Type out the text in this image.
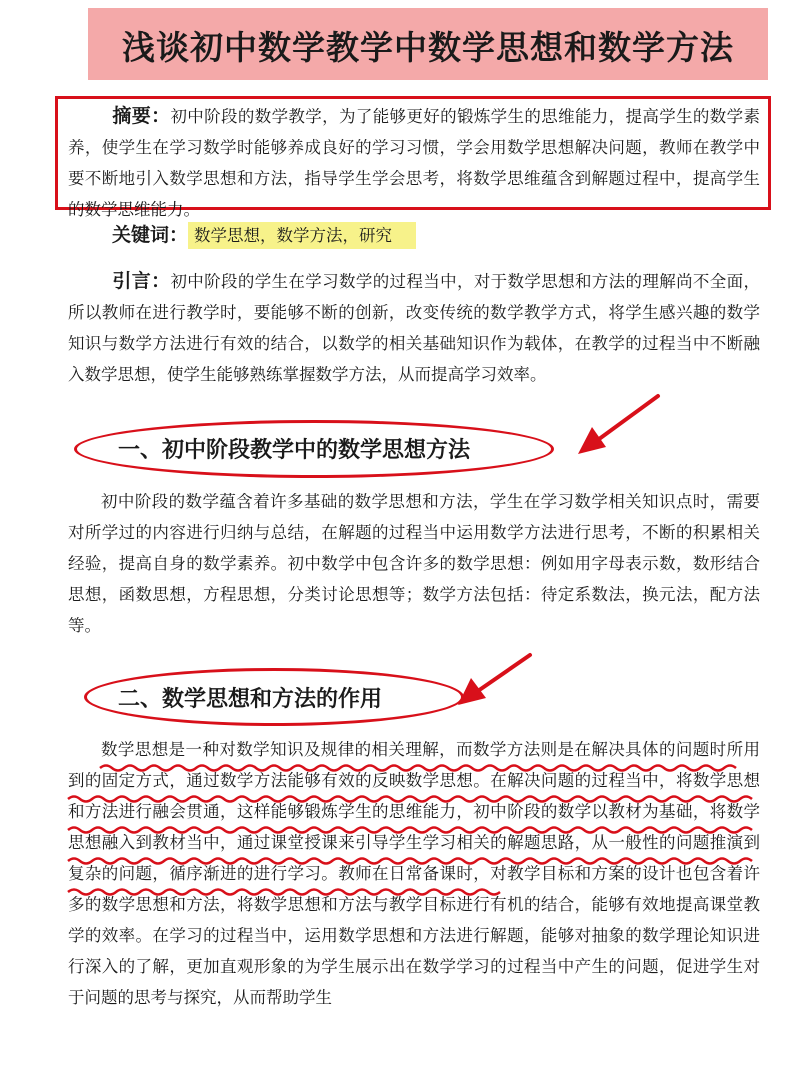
浅谈初中数学教学中数学思想和数学方法
摘要：初中阶段的数学教学，为了能够更好的锻炼学生的思维能力，提高学生的数学素养，使学生在学习数学时能够养成良好的学习习惯，学会用数学思想解决问题，教师在教学中要不断地引入数学思想和方法，指导学生学会思考，将数学思维蕴含到解题过程中，提高学生的数学思维能力。
关键词： 数学思想，数学方法，研究
引言：初中阶段的学生在学习数学的过程当中，对于数学思想和方法的理解尚不全面，所以教师在进行教学时，要能够不断的创新，改变传统的数学教学方式，将学生感兴趣的数学知识与数学方法进行有效的结合，以数学的相关基础知识作为载体，在教学的过程当中不断融入数学思想，使学生能够熟练掌握数学方法，从而提高学习效率。
一、初中阶段教学中的数学思想方法
初中阶段的数学蕴含着许多基础的数学思想和方法，学生在学习数学相关知识点时，需要对所学过的内容进行归纳与总结，在解题的过程当中运用数学方法进行思考，不断的积累相关经验，提高自身的数学素养。初中数学中包含许多的数学思想：例如用字母表示数，数形结合思想，函数思想，方程思想，分类讨论思想等；数学方法包括：待定系数法，换元法，配方法等。
二、数学思想和方法的作用
数学思想是一种对数学知识及规律的相关理解，而数学方法则是在解决具体的问题时所用到的固定方式，通过数学方法能够有效的反映数学思想。在解决问题的过程当中，将数学思想和方法进行融会贯通，这样能够锻炼学生的思维能力，初中阶段的数学以教材为基础，将数学思想融入到教材当中，通过课堂授课来引导学生学习相关的解题思路，从一般性的问题推演到复杂的问题，循序渐进的进行学习。教师在日常备课时，对教学目标和方案的设计也包含着许多的数学思想和方法，将数学思想和方法与教学目标进行有机的结合，能够有效地提高课堂教学的效率。在学习的过程当中，运用数学思想和方法进行解题，能够对抽象的数学理论知识进行深入的了解，更加直观形象的为学生展示出在数学学习的过程当中产生的问题，促进学生对于问题的思考与探究，从而帮助学生
